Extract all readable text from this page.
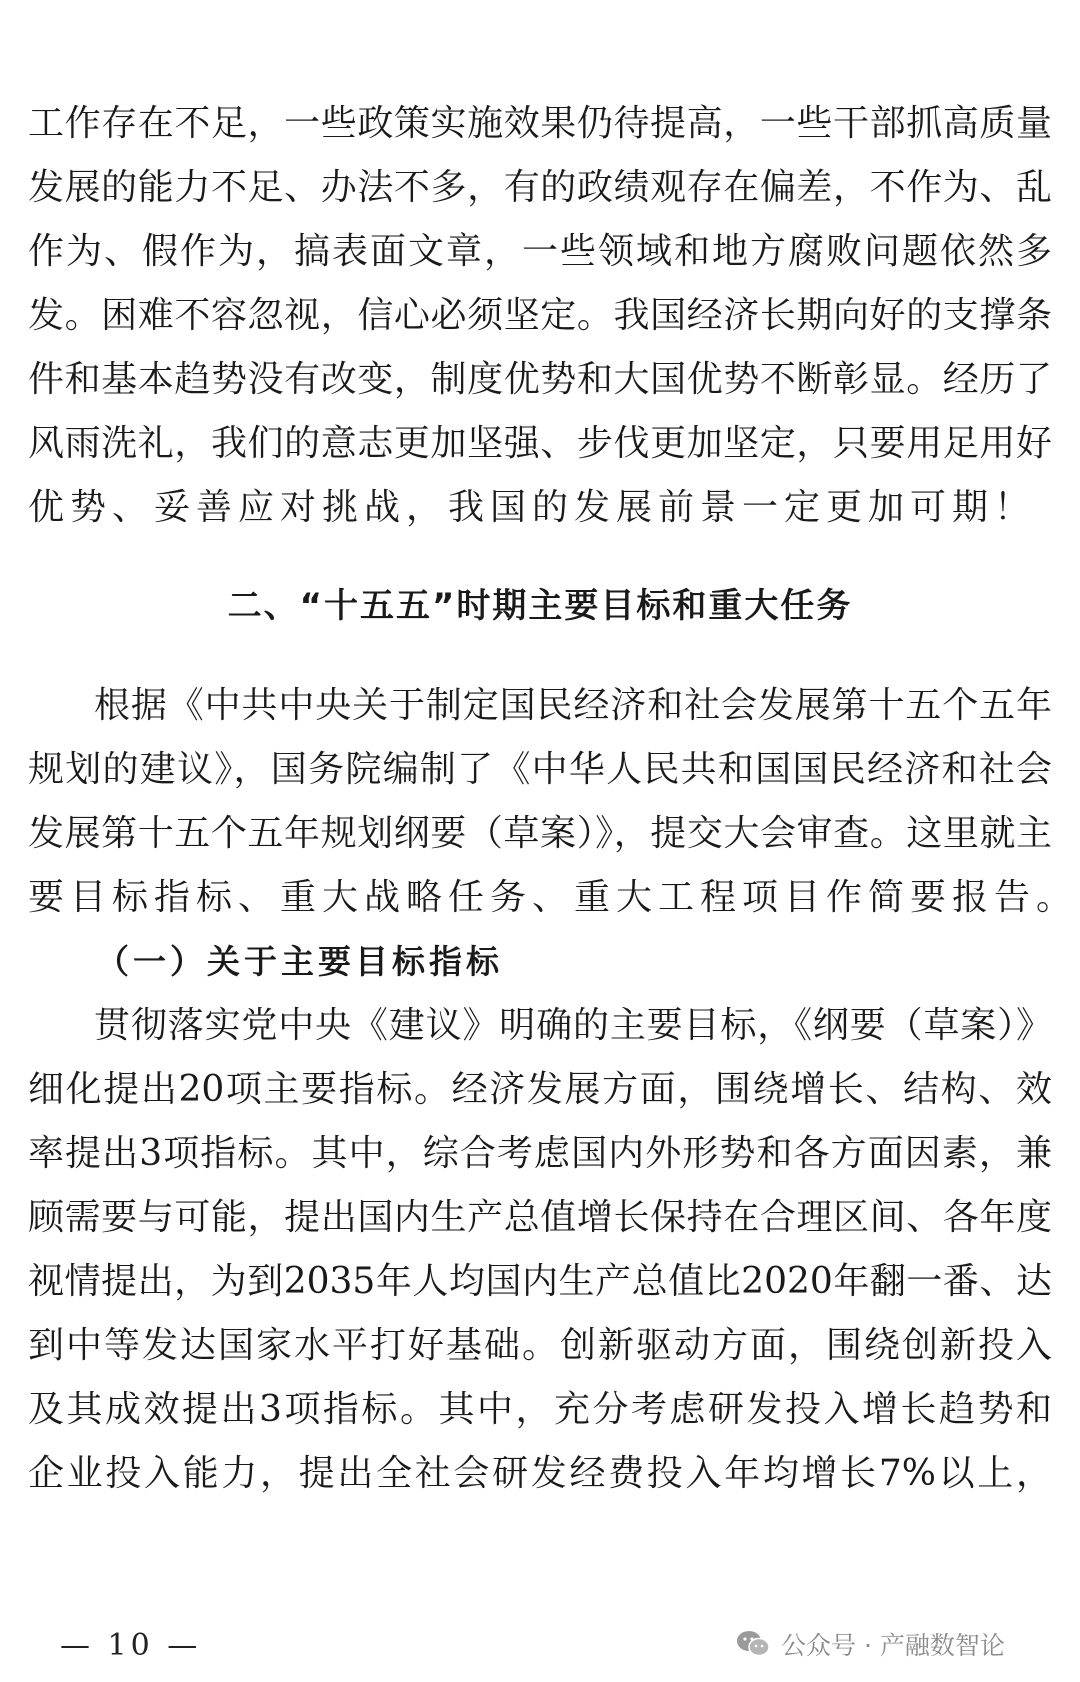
工作存在不足，一些政策实施效果仍待提高，一些干部抓高质量
发展的能力不足、办法不多，有的政绩观存在偏差，不作为、乱
作为、假作为，搞表面文章，一些领域和地方腐败问题依然多
发。困难不容忽视，信心必须坚定。我国经济长期向好的支撑条
件和基本趋势没有改变，制度优势和大国优势不断彰显。经历了
风雨洗礼，我们的意志更加坚强、步伐更加坚定，只要用足用好
优势、妥善应对挑战，我国的发展前景一定更加可期！
二、“十五五”时期主要目标和重大任务
根据《中共中央关于制定国民经济和社会发展第十五个五年
规划的建议》，国务院编制了《中华人民共和国国民经济和社会
发展第十五个五年规划纲要（草案）》，提交大会审查。这里就主
要目标指标、重大战略任务、重大工程项目作简要报告。
（一）关于主要目标指标
贯彻落实党中央《建议》明确的主要目标，《纲要（草案）》
细化提出20项主要指标。经济发展方面，围绕增长、结构、效
率提出3项指标。其中，综合考虑国内外形势和各方面因素，兼
顾需要与可能，提出国内生产总值增长保持在合理区间、各年度
视情提出，为到2035年人均国内生产总值比2020年翻一番、达
到中等发达国家水平打好基础。创新驱动方面，围绕创新投入
及其成效提出3项指标。其中，充分考虑研发投入增长趋势和
企业投入能力，提出全社会研发经费投入年均增长7%以上，
— 10 —	公众号 · 产融数智论
